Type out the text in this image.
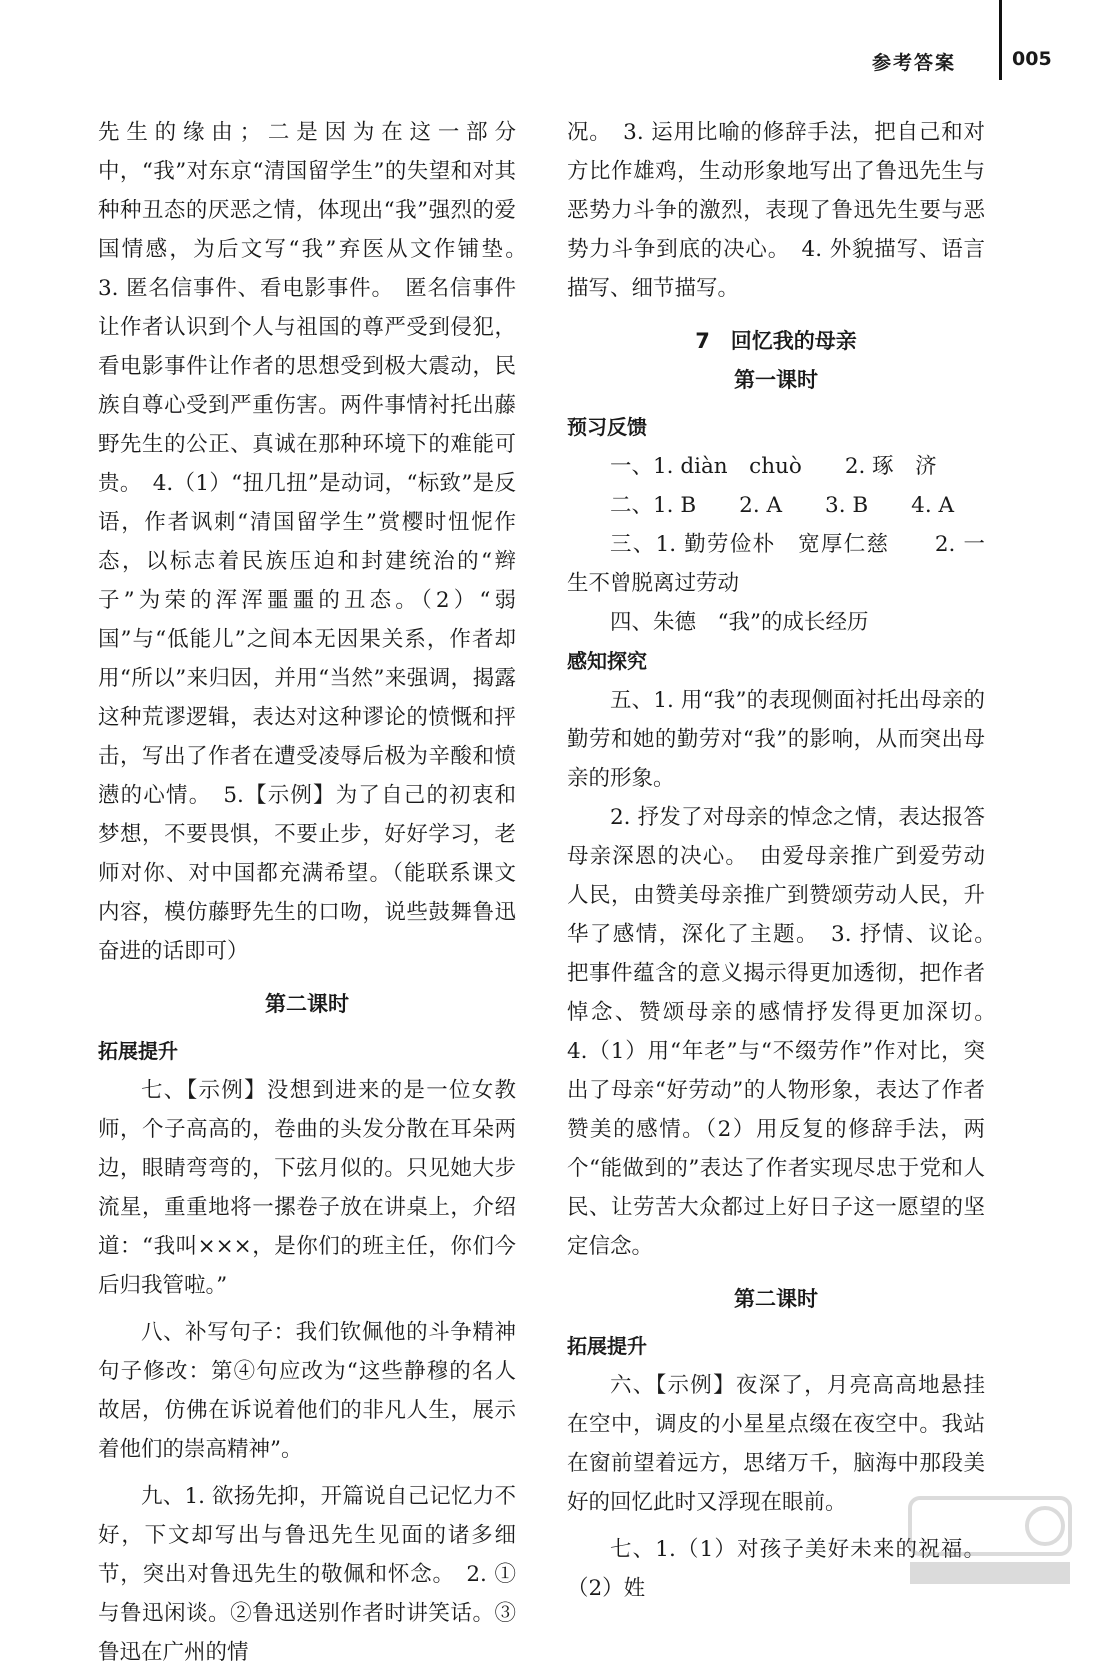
参考答案	005

先生的缘由；二是因为在这一部分中，“我”对东京“清国留学生”的失望和对其种种丑态的厌恶之情，体现出“我”强烈的爱国情感，为后文写“我”弃医从文作铺垫。　3. 匿名信事件、看电影事件。　匿名信事件让作者认识到个人与祖国的尊严受到侵犯，看电影事件让作者的思想受到极大震动，民族自尊心受到严重伤害。两件事情衬托出藤野先生的公正、真诚在那种环境下的难能可贵。　4.（1）“扭几扭”是动词，“标致”是反语，作者讽刺“清国留学生”赏樱时忸怩作态，以标志着民族压迫和封建统治的“辫子”为荣的浑浑噩噩的丑态。（2）“弱国”与“低能儿”之间本无因果关系，作者却用“所以”来归因，并用“当然”来强调，揭露这种荒谬逻辑，表达对这种谬论的愤慨和抨击，写出了作者在遭受凌辱后极为辛酸和愤懑的心情。　5.【示例】为了自己的初衷和梦想，不要畏惧，不要止步，好好学习，老师对你、对中国都充满希望。（能联系课文内容，模仿藤野先生的口吻，说些鼓舞鲁迅奋进的话即可）

第二课时

拓展提升

七、【示例】没想到进来的是一位女教师，个子高高的，卷曲的头发分散在耳朵两边，眼睛弯弯的，下弦月似的。只见她大步流星，重重地将一摞卷子放在讲桌上，介绍道：“我叫×××，是你们的班主任，你们今后归我管啦。”

八、补写句子：我们钦佩他的斗争精神　句子修改：第④句应改为“这些静穆的名人故居，仿佛在诉说着他们的非凡人生，展示着他们的崇高精神”。

九、1. 欲扬先抑，开篇说自己记忆力不好，下文却写出与鲁迅先生见面的诸多细节，突出对鲁迅先生的敬佩和怀念。　2. ①与鲁迅闲谈。②鲁迅送别作者时讲笑话。③鲁迅在广州的情

况。　3. 运用比喻的修辞手法，把自己和对方比作雄鸡，生动形象地写出了鲁迅先生与恶势力斗争的激烈，表现了鲁迅先生要与恶势力斗争到底的决心。　4. 外貌描写、语言描写、细节描写。

7　回忆我的母亲

第一课时

预习反馈

一、1. diàn　chuò　　2. 琢　济

二、1. B　　2. A　　3. B　　4. A

三、1. 勤劳俭朴　宽厚仁慈　　2. 一生不曾脱离过劳动

四、朱德　“我”的成长经历

感知探究

五、1. 用“我”的表现侧面衬托出母亲的勤劳和她的勤劳对“我”的影响，从而突出母亲的形象。

2. 抒发了对母亲的悼念之情，表达报答母亲深恩的决心。　由爱母亲推广到爱劳动人民，由赞美母亲推广到赞颂劳动人民，升华了感情，深化了主题。　3. 抒情、议论。　把事件蕴含的意义揭示得更加透彻，把作者悼念、赞颂母亲的感情抒发得更加深切。　4.（1）用“年老”与“不缀劳作”作对比，突出了母亲“好劳动”的人物形象，表达了作者赞美的感情。（2）用反复的修辞手法，两个“能做到的”表达了作者实现尽忠于党和人民、让劳苦大众都过上好日子这一愿望的坚定信念。

第二课时

拓展提升

六、【示例】夜深了，月亮高高地悬挂在空中，调皮的小星星点缀在夜空中。我站在窗前望着远方，思绪万千，脑海中那段美好的回忆此时又浮现在眼前。

七、1.（1）对孩子美好未来的祝福。（2）姓
